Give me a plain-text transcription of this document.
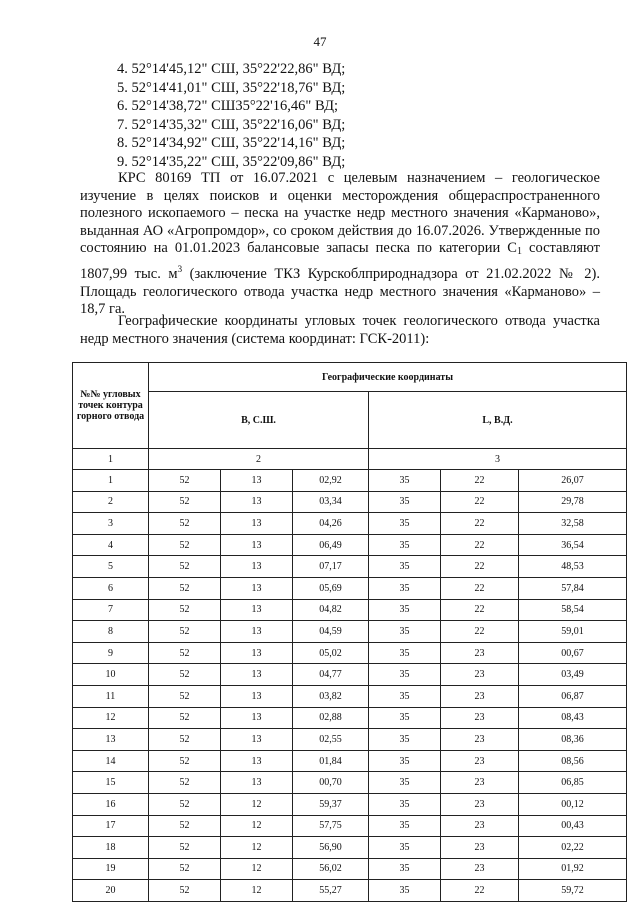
47
4. 52°14'45,12" СШ, 35°22'22,86" ВД;
5. 52°14'41,01" СШ, 35°22'18,76" ВД;
6. 52°14'38,72" СШ35°22'16,46" ВД;
7. 52°14'35,32" СШ, 35°22'16,06" ВД;
8. 52°14'34,92" СШ, 35°22'14,16" ВД;
9. 52°14'35,22" СШ, 35°22'09,86" ВД;

КРС 80169 ТП от 16.07.2021 с целевым назначением – геологическое изучение в целях поисков и оценки месторождения общераспространенного полезного ископаемого – песка на участке недр местного значения «Карманово», выданная АО «Агропромдор», со сроком действия до 16.07.2026. Утвержденные по состоянию на 01.01.2023 балансовые запасы песка по категории $С_1$ составляют 1807,99 тыс. $м^3$ (заключение ТКЗ Курскоблприроднадзора от 21.02.2022 № 2). Площадь геологического отвода участка недр местного значения «Карманово» – 18,7 га.

Географические координаты угловых точек геологического отвода участка недр местного значения (система координат: ГСК-2011):

№№ угловых точек контура горного отвода	Географические координаты					
	B, С.Ш.			L, В.Д.		
1	2			3		
1	52	13	02,92	35	22	26,07
2	52	13	03,34	35	22	29,78
3	52	13	04,26	35	22	32,58
4	52	13	06,49	35	22	36,54
5	52	13	07,17	35	22	48,53
6	52	13	05,69	35	22	57,84
7	52	13	04,82	35	22	58,54
8	52	13	04,59	35	22	59,01
9	52	13	05,02	35	23	00,67
10	52	13	04,77	35	23	03,49
11	52	13	03,82	35	23	06,87
12	52	13	02,88	35	23	08,43
13	52	13	02,55	35	23	08,36
14	52	13	01,84	35	23	08,56
15	52	13	00,70	35	23	06,85
16	52	12	59,37	35	23	00,12
17	52	12	57,75	35	23	00,43
18	52	12	56,90	35	23	02,22
19	52	12	56,02	35	23	01,92
20	52	12	55,27	35	22	59,72
